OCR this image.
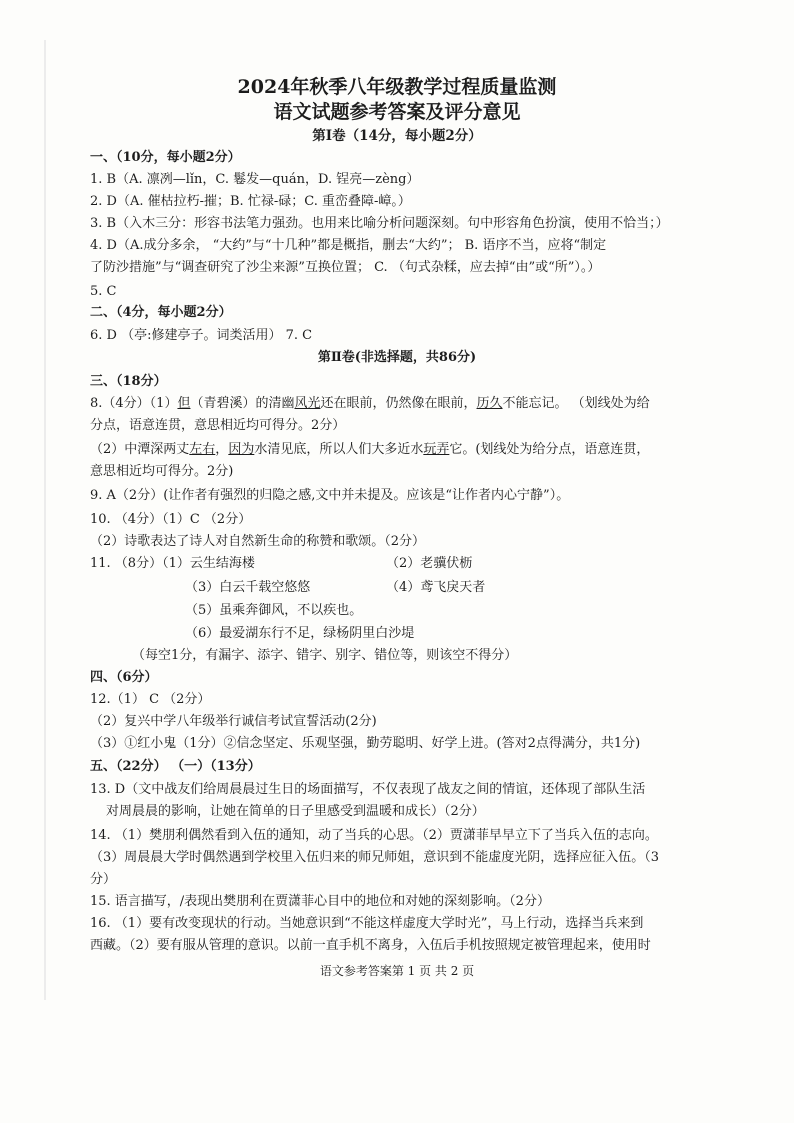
2024年秋季八年级教学过程质量监测
语文试题参考答案及评分意见
第Ⅰ卷（14分，每小题2分）
一、（10分，每小题2分）
1. B（A. 凛冽—lǐn，C. 鬈发—quán，D. 锃亮—zèng）
2. D（A. 催枯拉朽-摧；B. 忙禄-碌；C. 重峦叠障-嶂。）
3. B（入木三分：形容书法笔力强劲。也用来比喻分析问题深刻。句中形容角色扮演，使用不恰当；）
4. D（A.成分多余， “大约”与“十几种”都是概指，删去“大约”； B. 语序不当，应将“制定
了防沙措施”与“调查研究了沙尘来源”互换位置； C. （句式杂糅，应去掉“由”或“所”）。）
5. C
二、（4分，每小题2分）
6. D （亭:修建亭子。词类活用） 7. C
第Ⅱ卷(非选择题，共86分)
三、（18分）
8.（4分）（1）但（青碧溪）的清幽风光还在眼前，仍然像在眼前，历久不能忘记。 （划线处为给
分点，语意连贯，意思相近均可得分。2分）
（2）中潭深两丈左右，因为水清见底，所以人们大多近水玩弄它。(划线处为给分点，语意连贯，
意思相近均可得分。2分)
9. A（2分）(让作者有强烈的归隐之感,文中并未提及。应该是“让作者内心宁静”）。
10. （4分）（1）C （2分）
（2）诗歌表达了诗人对自然新生命的称赞和歌颂。（2分）
11. （8分）（1）云生结海楼	（2）老骥伏枥
（3）白云千载空悠悠	（4）鸢飞戾天者
（5）虽乘奔御风，不以疾也。
（6）最爱湖东行不足，绿杨阴里白沙堤
（每空1分，有漏字、添字、错字、别字、错位等，则该空不得分）
四、（6分）
12.（1） C （2分）
（2）复兴中学八年级举行诚信考试宣誓活动(2分)
（3）①红小鬼（1分）②信念坚定、乐观坚强，勤劳聪明、好学上进。(答对2点得满分，共1分)
五、（22分） （一）（13分）
13. D（文中战友们给周晨晨过生日的场面描写，不仅表现了战友之间的情谊，还体现了部队生活
对周晨晨的影响，让她在简单的日子里感受到温暖和成长）（2分）
14. （1）樊朋利偶然看到入伍的通知，动了当兵的心思。（2）贾潇菲早早立下了当兵入伍的志向。
（3）周晨晨大学时偶然遇到学校里入伍归来的师兄师姐，意识到不能虚度光阴，选择应征入伍。（3
分）
15. 语言描写，/表现出樊朋利在贾潇菲心目中的地位和对她的深刻影响。（2分）
16. （1）要有改变现状的行动。当她意识到“不能这样虚度大学时光”，马上行动，选择当兵来到
西藏。（2）要有服从管理的意识。以前一直手机不离身，入伍后手机按照规定被管理起来，使用时
语文参考答案第 1 页 共 2 页
